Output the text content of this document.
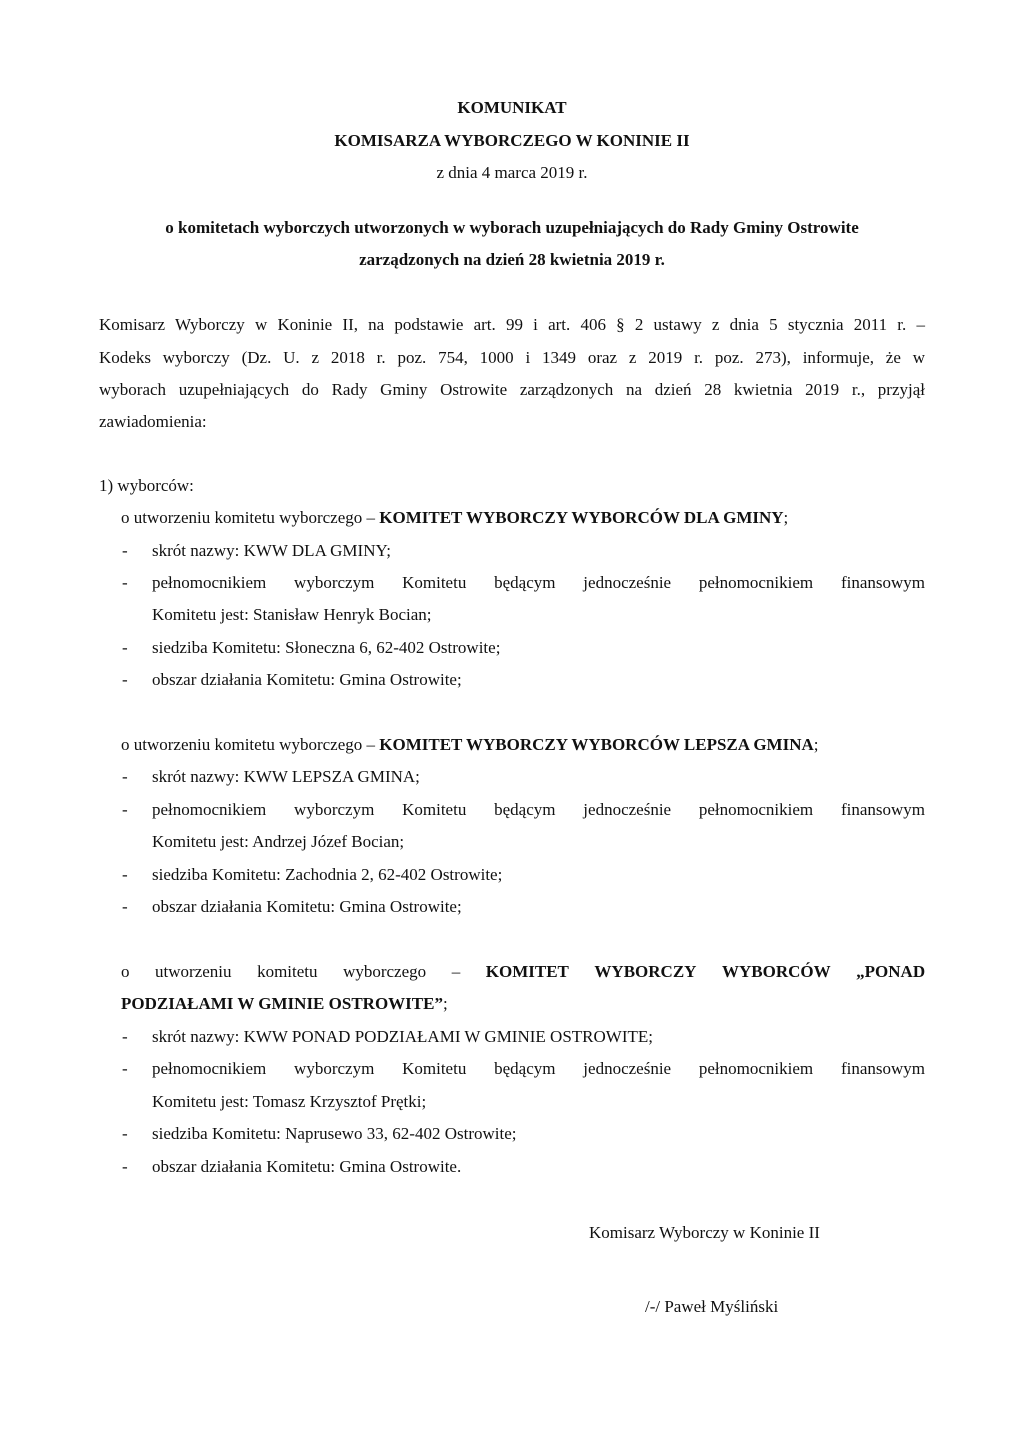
KOMUNIKAT
KOMISARZA WYBORCZEGO W KONINIE II
z dnia 4 marca 2019 r.
o komitetach wyborczych utworzonych w wyborach uzupełniających do Rady Gminy Ostrowite
zarządzonych na dzień 28 kwietnia 2019 r.
Komisarz Wyborczy w Koninie II, na podstawie art. 99 i art. 406 § 2 ustawy z dnia 5 stycznia 2011 r. –
Kodeks wyborczy (Dz. U. z 2018 r. poz. 754, 1000 i 1349 oraz z 2019 r. poz. 273), informuje, że w
wyborach uzupełniających do Rady Gminy Ostrowite zarządzonych na dzień 28 kwietnia 2019 r., przyjął
zawiadomienia:
1) wyborców:
o utworzeniu komitetu wyborczego – KOMITET WYBORCZY WYBORCÓW DLA GMINY;
- skrót nazwy: KWW DLA GMINY;
- pełnomocnikiem wyborczym Komitetu będącym jednocześnie pełnomocnikiem finansowym
Komitetu jest: Stanisław Henryk Bocian;
- siedziba Komitetu: Słoneczna 6, 62-402 Ostrowite;
- obszar działania Komitetu: Gmina Ostrowite;
o utworzeniu komitetu wyborczego – KOMITET WYBORCZY WYBORCÓW LEPSZA GMINA;
- skrót nazwy: KWW LEPSZA GMINA;
- pełnomocnikiem wyborczym Komitetu będącym jednocześnie pełnomocnikiem finansowym
Komitetu jest: Andrzej Józef Bocian;
- siedziba Komitetu: Zachodnia 2, 62-402 Ostrowite;
- obszar działania Komitetu: Gmina Ostrowite;
o utworzeniu komitetu wyborczego – KOMITET WYBORCZY WYBORCÓW „PONAD
PODZIAŁAMI W GMINIE OSTROWITE”;
- skrót nazwy: KWW PONAD PODZIAŁAMI W GMINIE OSTROWITE;
- pełnomocnikiem wyborczym Komitetu będącym jednocześnie pełnomocnikiem finansowym
Komitetu jest: Tomasz Krzysztof Prętki;
- siedziba Komitetu: Naprusewo 33, 62-402 Ostrowite;
- obszar działania Komitetu: Gmina Ostrowite.
Komisarz Wyborczy w Koninie II
/-/ Paweł Myśliński
